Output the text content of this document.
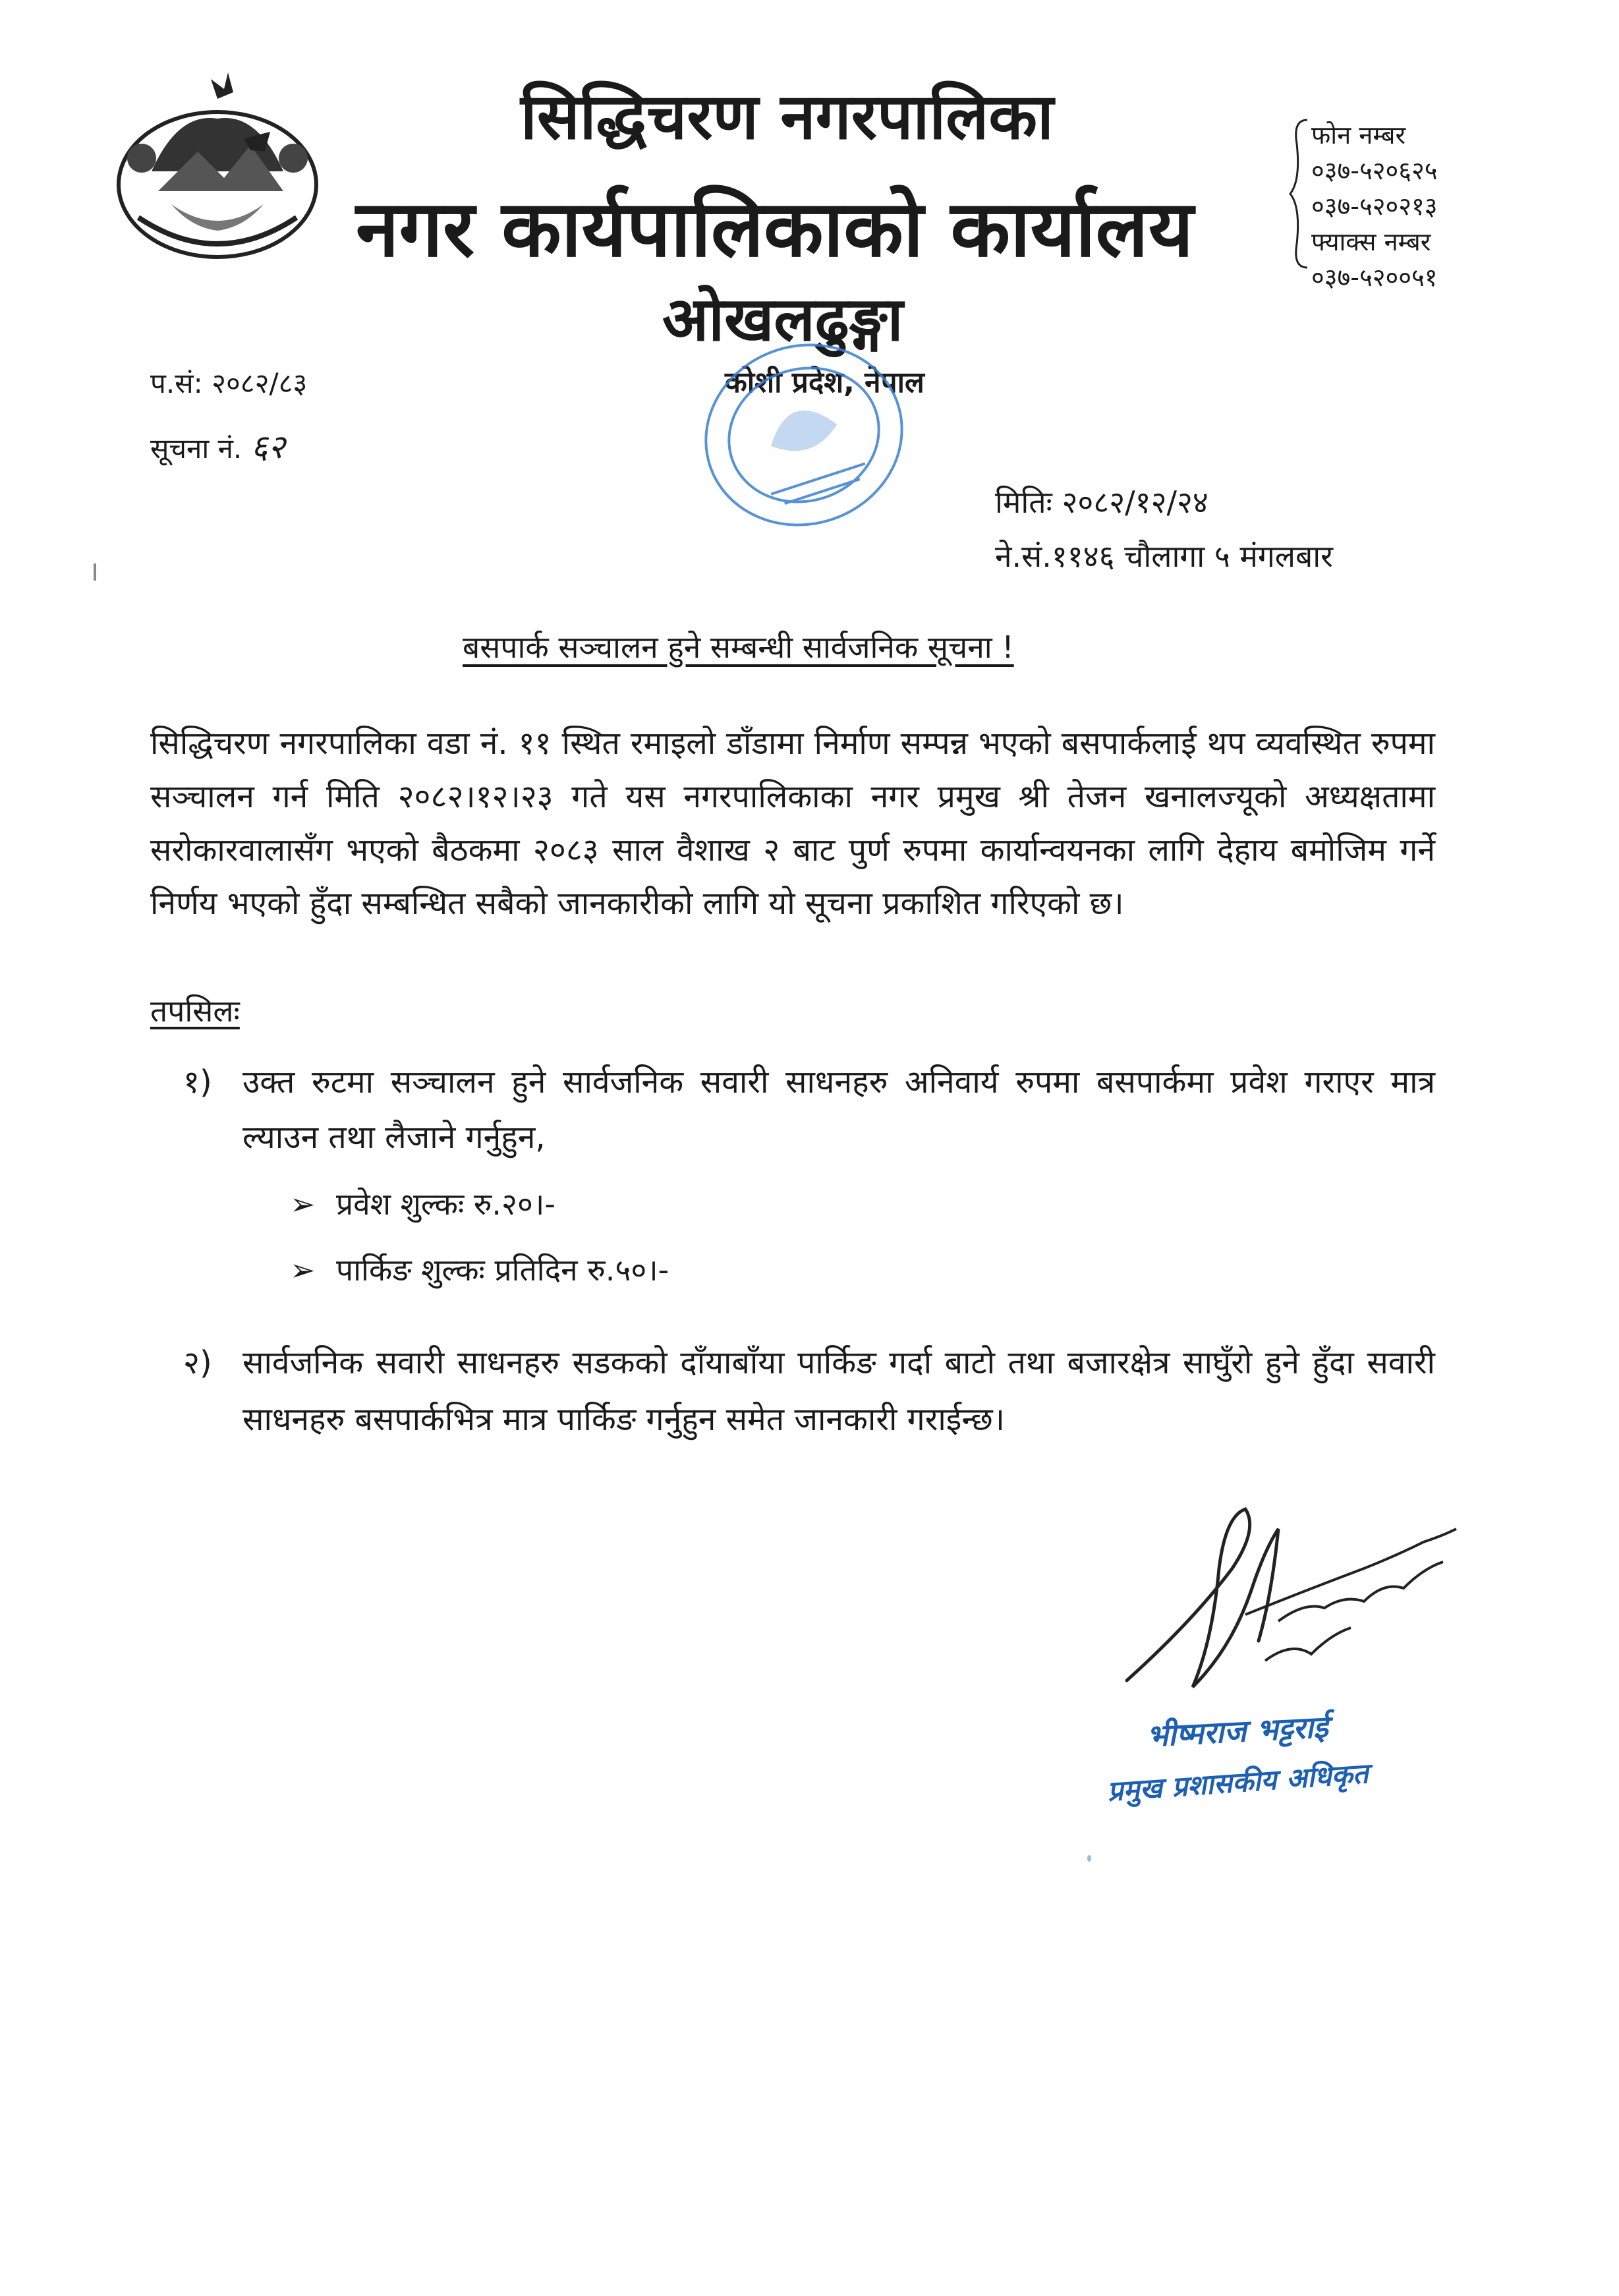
सिद्धिचरण नगरपालिका
नगर कार्यपालिकाको कार्यालय
ओखलढुङ्गा
कोशी प्रदेश, नेपाल
फोन नम्बर
०३७-५२०६२५
०३७-५२०२१३
फ्याक्स नम्बर
०३७-५२००५१
प.सं: २०८२/८३
सूचना नं. ६२
मितिः २०८२/१२/२४
ने.सं.११४६ चौलागा ५ मंगलबार
बसपार्क सञ्चालन हुने सम्बन्धी सार्वजनिक सूचना !
सिद्धिचरण नगरपालिका वडा नं. ११ स्थित रमाइलो डाँडामा निर्माण सम्पन्न भएको बसपार्कलाई थप व्यवस्थित रुपमा सञ्चालन गर्न मिति २०८२।१२।२३ गते यस नगरपालिकाका नगर प्रमुख श्री तेजन खनालज्यूको अध्यक्षतामा सरोकारवालासँग भएको बैठकमा २०८३ साल वैशाख २ बाट पुर्ण रुपमा कार्यान्वयनका लागि देहाय बमोजिम गर्ने निर्णय भएको हुँदा सम्बन्धित सबैको जानकारीको लागि यो सूचना प्रकाशित गरिएको छ।
तपसिलः
१) उक्त रुटमा सञ्चालन हुने सार्वजनिक सवारी साधनहरु अनिवार्य रुपमा बसपार्कमा प्रवेश गराएर मात्र ल्याउन तथा लैजाने गर्नुहुन,
➢ प्रवेश शुल्कः रु.२०।-
➢ पार्किङ शुल्कः प्रतिदिन रु.५०।-
२) सार्वजनिक सवारी साधनहरु सडकको दाँयाबाँया पार्किङ गर्दा बाटो तथा बजारक्षेत्र साघुँरो हुने हुँदा सवारी साधनहरु बसपार्कभित्र मात्र पार्किङ गर्नुहुन समेत जानकारी गराईन्छ।
भीष्मराज भट्टराई
प्रमुख प्रशासकीय अधिकृत
